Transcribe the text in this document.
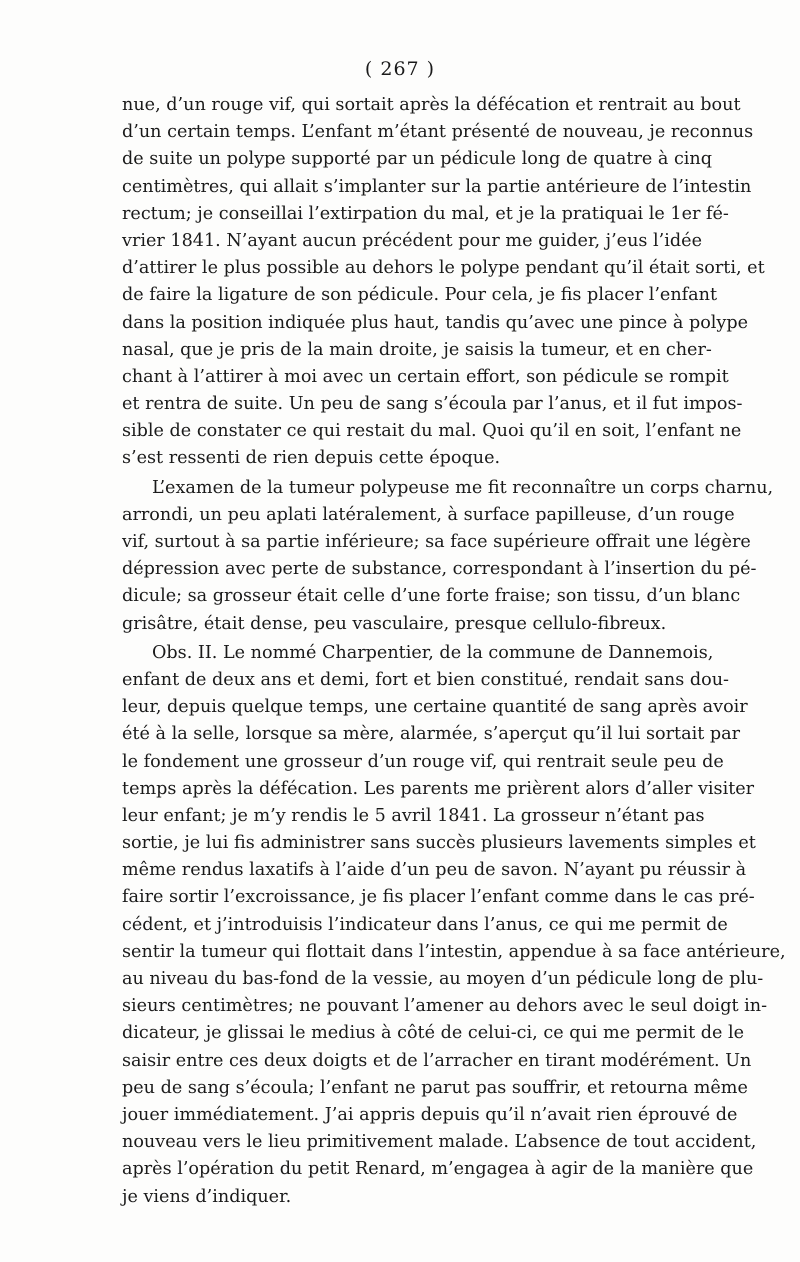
( 267 )
nue, d’un rouge vif, qui sortait après la défécation et rentrait au bout
d’un certain temps. L’enfant m’étant présenté de nouveau, je reconnus
de suite un polype supporté par un pédicule long de quatre à cinq
centimètres, qui allait s’implanter sur la partie antérieure de l’intestin
rectum; je conseillai l’extirpation du mal, et je la pratiquai le 1er fé-
vrier 1841. N’ayant aucun précédent pour me guider, j’eus l’idée
d’attirer le plus possible au dehors le polype pendant qu’il était sorti, et
de faire la ligature de son pédicule. Pour cela, je fis placer l’enfant
dans la position indiquée plus haut, tandis qu’avec une pince à polype
nasal, que je pris de la main droite, je saisis la tumeur, et en cher-
chant à l’attirer à moi avec un certain effort, son pédicule se rompit
et rentra de suite. Un peu de sang s’écoula par l’anus, et il fut impos-
sible de constater ce qui restait du mal. Quoi qu’il en soit, l’enfant ne
s’est ressenti de rien depuis cette époque.
L’examen de la tumeur polypeuse me fit reconnaître un corps charnu,
arrondi, un peu aplati latéralement, à surface papilleuse, d’un rouge
vif, surtout à sa partie inférieure; sa face supérieure offrait une légère
dépression avec perte de substance, correspondant à l’insertion du pé-
dicule; sa grosseur était celle d’une forte fraise; son tissu, d’un blanc
grisâtre, était dense, peu vasculaire, presque cellulo-fibreux.
Obs. II. Le nommé Charpentier, de la commune de Dannemois,
enfant de deux ans et demi, fort et bien constitué, rendait sans dou-
leur, depuis quelque temps, une certaine quantité de sang après avoir
été à la selle, lorsque sa mère, alarmée, s’aperçut qu’il lui sortait par
le fondement une grosseur d’un rouge vif, qui rentrait seule peu de
temps après la défécation. Les parents me prièrent alors d’aller visiter
leur enfant; je m’y rendis le 5 avril 1841. La grosseur n’étant pas
sortie, je lui fis administrer sans succès plusieurs lavements simples et
même rendus laxatifs à l’aide d’un peu de savon. N’ayant pu réussir à
faire sortir l’excroissance, je fis placer l’enfant comme dans le cas pré-
cédent, et j’introduisis l’indicateur dans l’anus, ce qui me permit de
sentir la tumeur qui flottait dans l’intestin, appendue à sa face antérieure,
au niveau du bas-fond de la vessie, au moyen d’un pédicule long de plu-
sieurs centimètres; ne pouvant l’amener au dehors avec le seul doigt in-
dicateur, je glissai le medius à côté de celui-ci, ce qui me permit de le
saisir entre ces deux doigts et de l’arracher en tirant modérément. Un
peu de sang s’écoula; l’enfant ne parut pas souffrir, et retourna même
jouer immédiatement. J’ai appris depuis qu’il n’avait rien éprouvé de
nouveau vers le lieu primitivement malade. L’absence de tout accident,
après l’opération du petit Renard, m’engagea à agir de la manière que
je viens d’indiquer.
